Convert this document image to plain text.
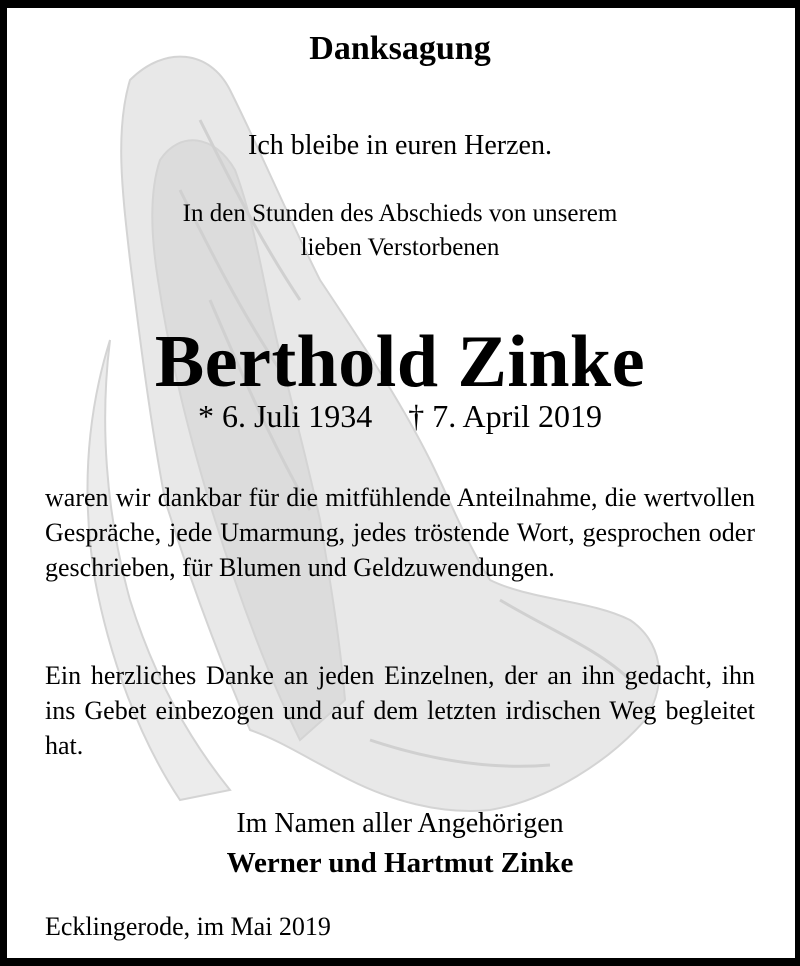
Danksagung
Ich bleibe in euren Herzen.
In den Stunden des Abschieds von unserem lieben Verstorbenen
Berthold Zinke
* 6. Juli 1934 † 7. April 2019
waren wir dankbar für die mitfühlende Anteilnahme, die wertvollen Gespräche, jede Umarmung, jedes tröstende Wort, gesprochen oder geschrieben, für Blumen und Geldzuwendungen.
Ein herzliches Danke an jeden Einzelnen, der an ihn gedacht, ihn ins Gebet einbezogen und auf dem letzten irdischen Weg begleitet hat.
Im Namen aller Angehörigen
Werner und Hartmut Zinke
Ecklingerode, im Mai 2019
